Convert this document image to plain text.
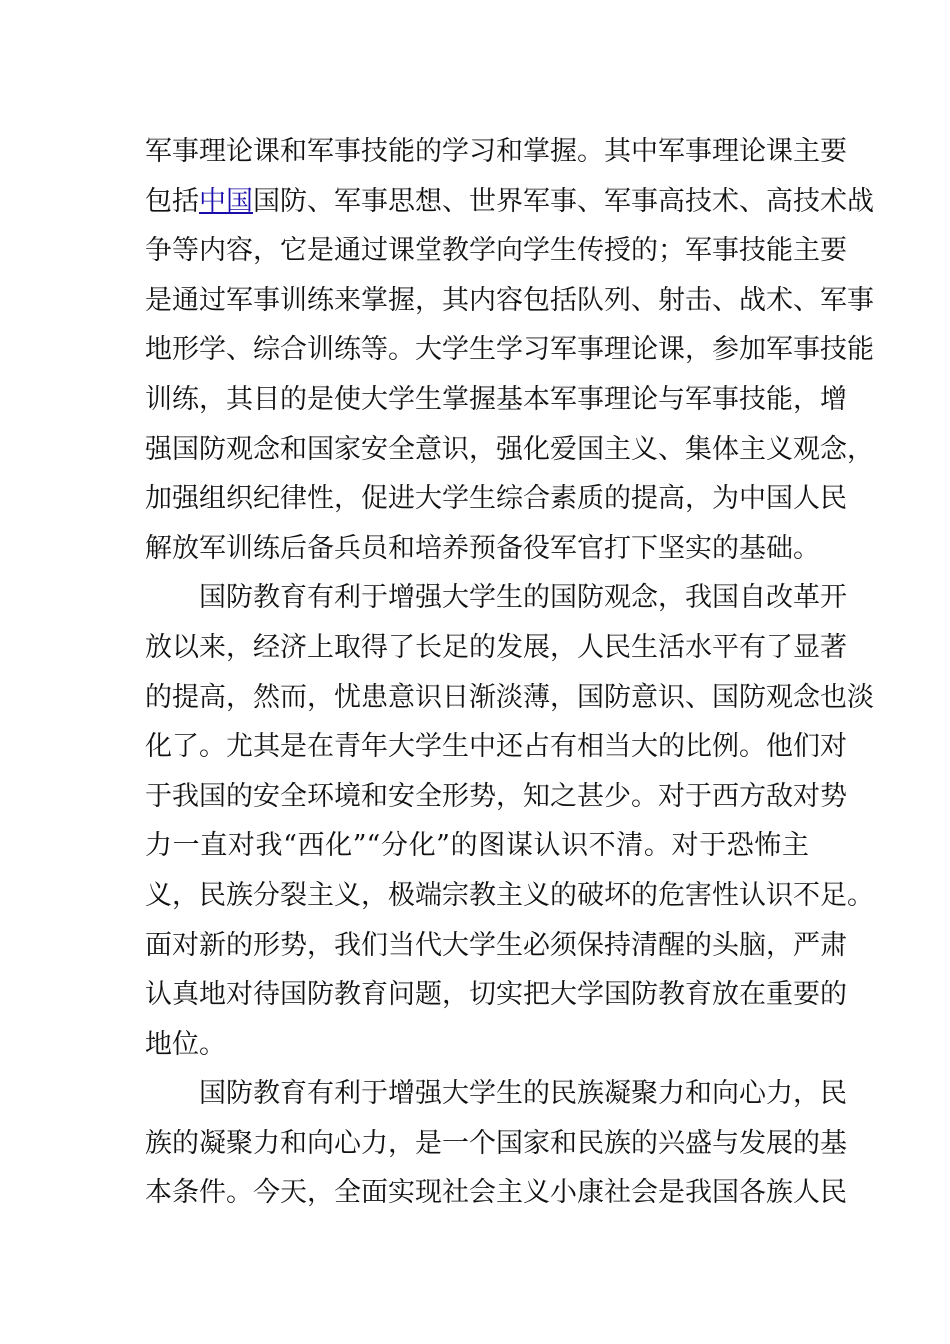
军事理论课和军事技能的学习和掌握。其中军事理论课主要
包括中国国防、军事思想、世界军事、军事高技术、高技术战
争等内容，它是通过课堂教学向学生传授的；军事技能主要
是通过军事训练来掌握，其内容包括队列、射击、战术、军事
地形学、综合训练等。大学生学习军事理论课，参加军事技能
训练，其目的是使大学生掌握基本军事理论与军事技能，增
强国防观念和国家安全意识，强化爱国主义、集体主义观念，
加强组织纪律性，促进大学生综合素质的提高，为中国人民
解放军训练后备兵员和培养预备役军官打下坚实的基础。
国防教育有利于增强大学生的国防观念，我国自改革开
放以来，经济上取得了长足的发展，人民生活水平有了显著
的提高，然而，忧患意识日渐淡薄，国防意识、国防观念也淡
化了。尤其是在青年大学生中还占有相当大的比例。他们对
于我国的安全环境和安全形势，知之甚少。对于西方敌对势
力一直对我“西化”“分化”的图谋认识不清。对于恐怖主
义，民族分裂主义，极端宗教主义的破坏的危害性认识不足。
面对新的形势，我们当代大学生必须保持清醒的头脑，严肃
认真地对待国防教育问题，切实把大学国防教育放在重要的
地位。
国防教育有利于增强大学生的民族凝聚力和向心力，民
族的凝聚力和向心力，是一个国家和民族的兴盛与发展的基
本条件。今天，全面实现社会主义小康社会是我国各族人民
